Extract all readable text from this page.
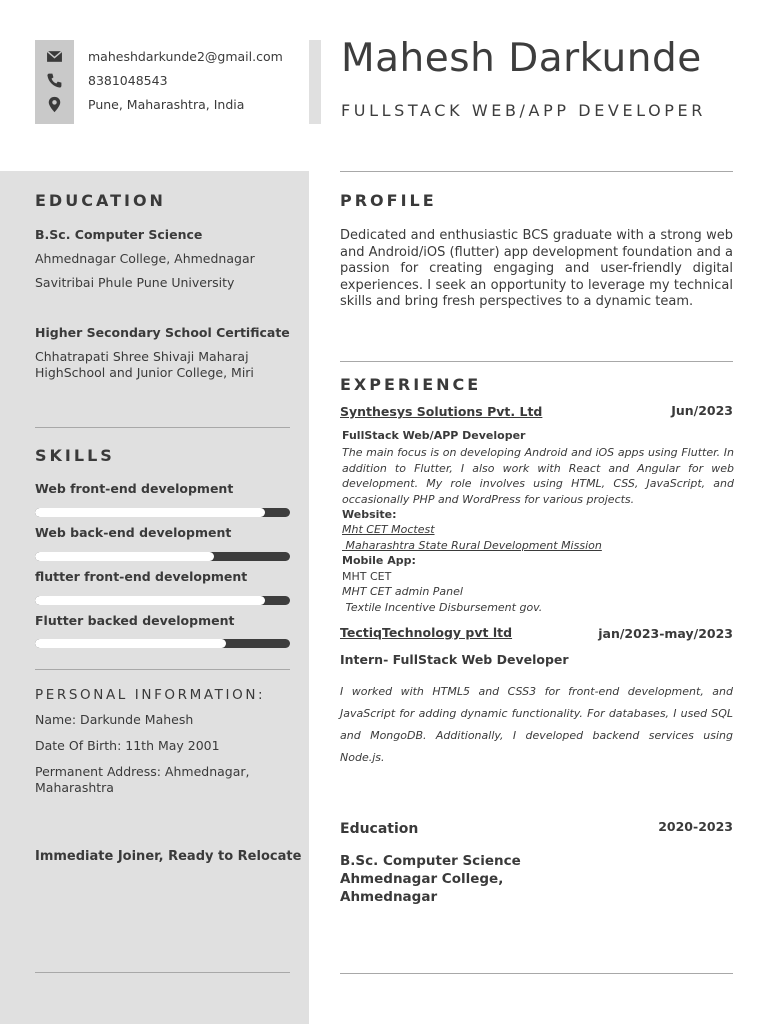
maheshdarkunde2@gmail.com
8381048543
Pune, Maharashtra, India
Mahesh Darkunde
FULLSTACK WEB/APP DEVELOPER
EDUCATION
B.Sc. Computer Science
Ahmednagar College, Ahmednagar
Savitribai Phule Pune University
Higher Secondary School Certificate
Chhatrapati Shree Shivaji Maharaj
HighSchool and Junior College, Miri
SKILLS
Web front-end development
Web back-end development
flutter front-end development
Flutter backed development
PERSONAL INFORMATION:
Name: Darkunde Mahesh
Date Of Birth: 11th May 2001
Permanent Address: Ahmednagar,
Maharashtra
Immediate Joiner, Ready to Relocate
PROFILE
Dedicated and enthusiastic BCS graduate with a strong web and Android/iOS (flutter) app development foundation and a passion for creating engaging and user-friendly digital experiences. I seek an opportunity to leverage my technical skills and bring fresh perspectives to a dynamic team.
EXPERIENCE
Synthesys Solutions Pvt. Ltd	Jun/2023
FullStack Web/APP Developer
The main focus is on developing Android and iOS apps using Flutter. In addition to Flutter, I also work with React and Angular for web development. My role involves using HTML, CSS, JavaScript, and occasionally PHP and WordPress for various projects.
Website:
Mht CET Moctest
Maharashtra State Rural Development Mission
Mobile App:
MHT CET
MHT CET admin Panel
Textile Incentive Disbursement gov.
TectiqTechnology pvt ltd	jan/2023-may/2023
Intern- FullStack Web Developer
I worked with HTML5 and CSS3 for front-end development, and JavaScript for adding dynamic functionality. For databases, I used SQL and MongoDB. Additionally, I developed backend services using Node.js.
Education	2020-2023
B.Sc. Computer Science
Ahmednagar College,
Ahmednagar
